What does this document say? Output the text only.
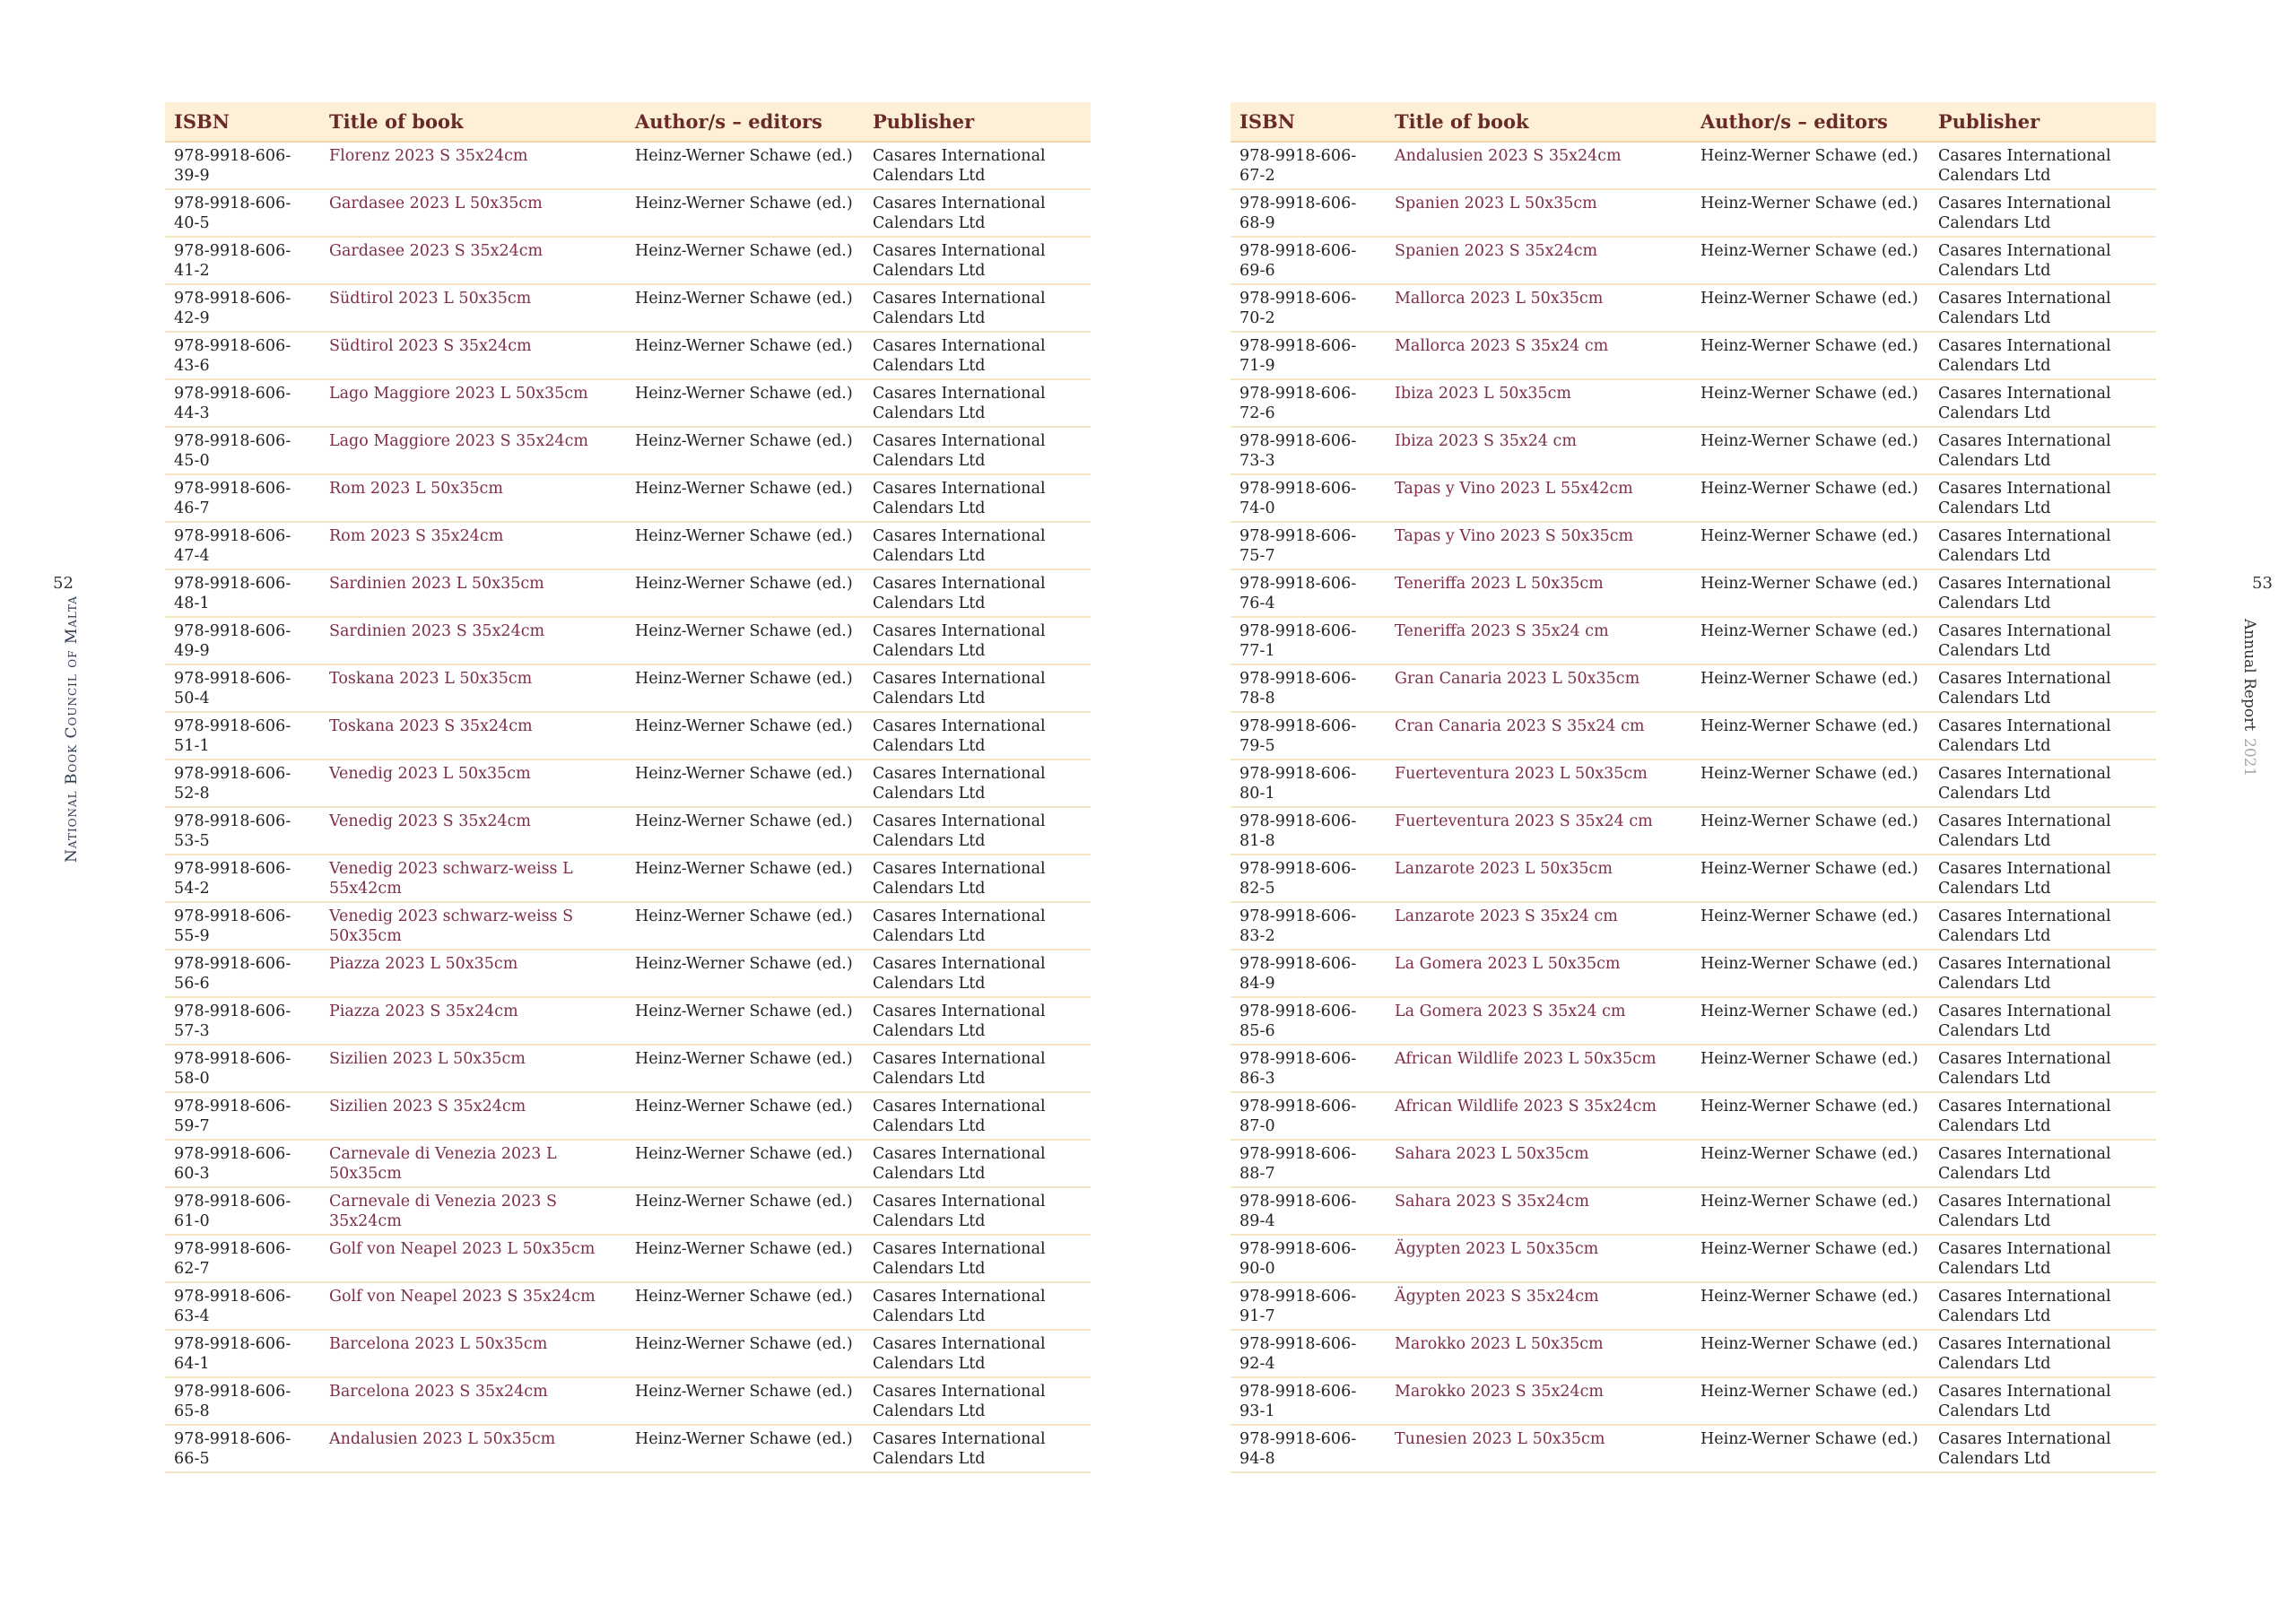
52
National Book Council of Malta
ISBN	Title of book	Author/s – editors	Publisher
978-9918-606-39-9	Florenz 2023 S 35x24cm	Heinz-Werner Schawe (ed.)	Casares International
Calendars Ltd
978-9918-606-40-5	Gardasee 2023 L 50x35cm	Heinz-Werner Schawe (ed.)	Casares International
Calendars Ltd
978-9918-606-41-2	Gardasee 2023 S 35x24cm	Heinz-Werner Schawe (ed.)	Casares International
Calendars Ltd
978-9918-606-42-9	Südtirol 2023 L 50x35cm	Heinz-Werner Schawe (ed.)	Casares International
Calendars Ltd
978-9918-606-43-6	Südtirol 2023 S 35x24cm	Heinz-Werner Schawe (ed.)	Casares International
Calendars Ltd
978-9918-606-44-3	Lago Maggiore 2023 L 50x35cm	Heinz-Werner Schawe (ed.)	Casares International
Calendars Ltd
978-9918-606-45-0	Lago Maggiore 2023 S 35x24cm	Heinz-Werner Schawe (ed.)	Casares International
Calendars Ltd
978-9918-606-46-7	Rom 2023 L 50x35cm	Heinz-Werner Schawe (ed.)	Casares International
Calendars Ltd
978-9918-606-47-4	Rom 2023 S 35x24cm	Heinz-Werner Schawe (ed.)	Casares International
Calendars Ltd
978-9918-606-48-1	Sardinien 2023 L 50x35cm	Heinz-Werner Schawe (ed.)	Casares International
Calendars Ltd
978-9918-606-49-9	Sardinien 2023 S 35x24cm	Heinz-Werner Schawe (ed.)	Casares International
Calendars Ltd
978-9918-606-50-4	Toskana 2023 L 50x35cm	Heinz-Werner Schawe (ed.)	Casares International
Calendars Ltd
978-9918-606-51-1	Toskana 2023 S 35x24cm	Heinz-Werner Schawe (ed.)	Casares International
Calendars Ltd
978-9918-606-52-8	Venedig 2023 L 50x35cm	Heinz-Werner Schawe (ed.)	Casares International
Calendars Ltd
978-9918-606-53-5	Venedig 2023 S 35x24cm	Heinz-Werner Schawe (ed.)	Casares International
Calendars Ltd
978-9918-606-54-2	Venedig 2023 schwarz-weiss L 55x42cm	Heinz-Werner Schawe (ed.)	Casares International
Calendars Ltd
978-9918-606-55-9	Venedig 2023 schwarz-weiss S 50x35cm	Heinz-Werner Schawe (ed.)	Casares International
Calendars Ltd
978-9918-606-56-6	Piazza 2023 L 50x35cm	Heinz-Werner Schawe (ed.)	Casares International
Calendars Ltd
978-9918-606-57-3	Piazza 2023 S 35x24cm	Heinz-Werner Schawe (ed.)	Casares International
Calendars Ltd
978-9918-606-58-0	Sizilien 2023 L 50x35cm	Heinz-Werner Schawe (ed.)	Casares International
Calendars Ltd
978-9918-606-59-7	Sizilien 2023 S 35x24cm	Heinz-Werner Schawe (ed.)	Casares International
Calendars Ltd
978-9918-606-60-3	Carnevale di Venezia 2023 L 50x35cm	Heinz-Werner Schawe (ed.)	Casares International
Calendars Ltd
978-9918-606-61-0	Carnevale di Venezia 2023 S 35x24cm	Heinz-Werner Schawe (ed.)	Casares International
Calendars Ltd
978-9918-606-62-7	Golf von Neapel 2023 L 50x35cm	Heinz-Werner Schawe (ed.)	Casares International
Calendars Ltd
978-9918-606-63-4	Golf von Neapel 2023 S 35x24cm	Heinz-Werner Schawe (ed.)	Casares International
Calendars Ltd
978-9918-606-64-1	Barcelona 2023 L 50x35cm	Heinz-Werner Schawe (ed.)	Casares International
Calendars Ltd
978-9918-606-65-8	Barcelona 2023 S 35x24cm	Heinz-Werner Schawe (ed.)	Casares International
Calendars Ltd
978-9918-606-66-5	Andalusien 2023 L 50x35cm	Heinz-Werner Schawe (ed.)	Casares International
Calendars Ltd
53
Annual Report2021
ISBN	Title of book	Author/s – editors	Publisher
978-9918-606-67-2	Andalusien 2023 S 35x24cm	Heinz-Werner Schawe (ed.)	Casares International
Calendars Ltd
978-9918-606-68-9	Spanien 2023 L 50x35cm	Heinz-Werner Schawe (ed.)	Casares International
Calendars Ltd
978-9918-606-69-6	Spanien 2023 S 35x24cm	Heinz-Werner Schawe (ed.)	Casares International
Calendars Ltd
978-9918-606-70-2	Mallorca 2023 L 50x35cm	Heinz-Werner Schawe (ed.)	Casares International
Calendars Ltd
978-9918-606-71-9	Mallorca 2023 S 35x24 cm	Heinz-Werner Schawe (ed.)	Casares International
Calendars Ltd
978-9918-606-72-6	Ibiza 2023 L 50x35cm	Heinz-Werner Schawe (ed.)	Casares International
Calendars Ltd
978-9918-606-73-3	Ibiza 2023 S 35x24 cm	Heinz-Werner Schawe (ed.)	Casares International
Calendars Ltd
978-9918-606-74-0	Tapas y Vino 2023 L 55x42cm	Heinz-Werner Schawe (ed.)	Casares International
Calendars Ltd
978-9918-606-75-7	Tapas y Vino 2023 S 50x35cm	Heinz-Werner Schawe (ed.)	Casares International
Calendars Ltd
978-9918-606-76-4	Teneriffa 2023 L 50x35cm	Heinz-Werner Schawe (ed.)	Casares International
Calendars Ltd
978-9918-606-77-1	Teneriffa 2023 S 35x24 cm	Heinz-Werner Schawe (ed.)	Casares International
Calendars Ltd
978-9918-606-78-8	Gran Canaria 2023 L 50x35cm	Heinz-Werner Schawe (ed.)	Casares International
Calendars Ltd
978-9918-606-79-5	Cran Canaria 2023 S 35x24 cm	Heinz-Werner Schawe (ed.)	Casares International
Calendars Ltd
978-9918-606-80-1	Fuerteventura 2023 L 50x35cm	Heinz-Werner Schawe (ed.)	Casares International
Calendars Ltd
978-9918-606-81-8	Fuerteventura 2023 S 35x24 cm	Heinz-Werner Schawe (ed.)	Casares International
Calendars Ltd
978-9918-606-82-5	Lanzarote 2023 L 50x35cm	Heinz-Werner Schawe (ed.)	Casares International
Calendars Ltd
978-9918-606-83-2	Lanzarote 2023 S 35x24 cm	Heinz-Werner Schawe (ed.)	Casares International
Calendars Ltd
978-9918-606-84-9	La Gomera 2023 L 50x35cm	Heinz-Werner Schawe (ed.)	Casares International
Calendars Ltd
978-9918-606-85-6	La Gomera 2023 S 35x24 cm	Heinz-Werner Schawe (ed.)	Casares International
Calendars Ltd
978-9918-606-86-3	African Wildlife 2023 L 50x35cm	Heinz-Werner Schawe (ed.)	Casares International
Calendars Ltd
978-9918-606-87-0	African Wildlife 2023 S 35x24cm	Heinz-Werner Schawe (ed.)	Casares International
Calendars Ltd
978-9918-606-88-7	Sahara 2023 L 50x35cm	Heinz-Werner Schawe (ed.)	Casares International
Calendars Ltd
978-9918-606-89-4	Sahara 2023 S 35x24cm	Heinz-Werner Schawe (ed.)	Casares International
Calendars Ltd
978-9918-606-90-0	Ägypten 2023 L 50x35cm	Heinz-Werner Schawe (ed.)	Casares International
Calendars Ltd
978-9918-606-91-7	Ägypten 2023 S 35x24cm	Heinz-Werner Schawe (ed.)	Casares International
Calendars Ltd
978-9918-606-92-4	Marokko 2023 L 50x35cm	Heinz-Werner Schawe (ed.)	Casares International
Calendars Ltd
978-9918-606-93-1	Marokko 2023 S 35x24cm	Heinz-Werner Schawe (ed.)	Casares International
Calendars Ltd
978-9918-606-94-8	Tunesien 2023 L 50x35cm	Heinz-Werner Schawe (ed.)	Casares International
Calendars Ltd
